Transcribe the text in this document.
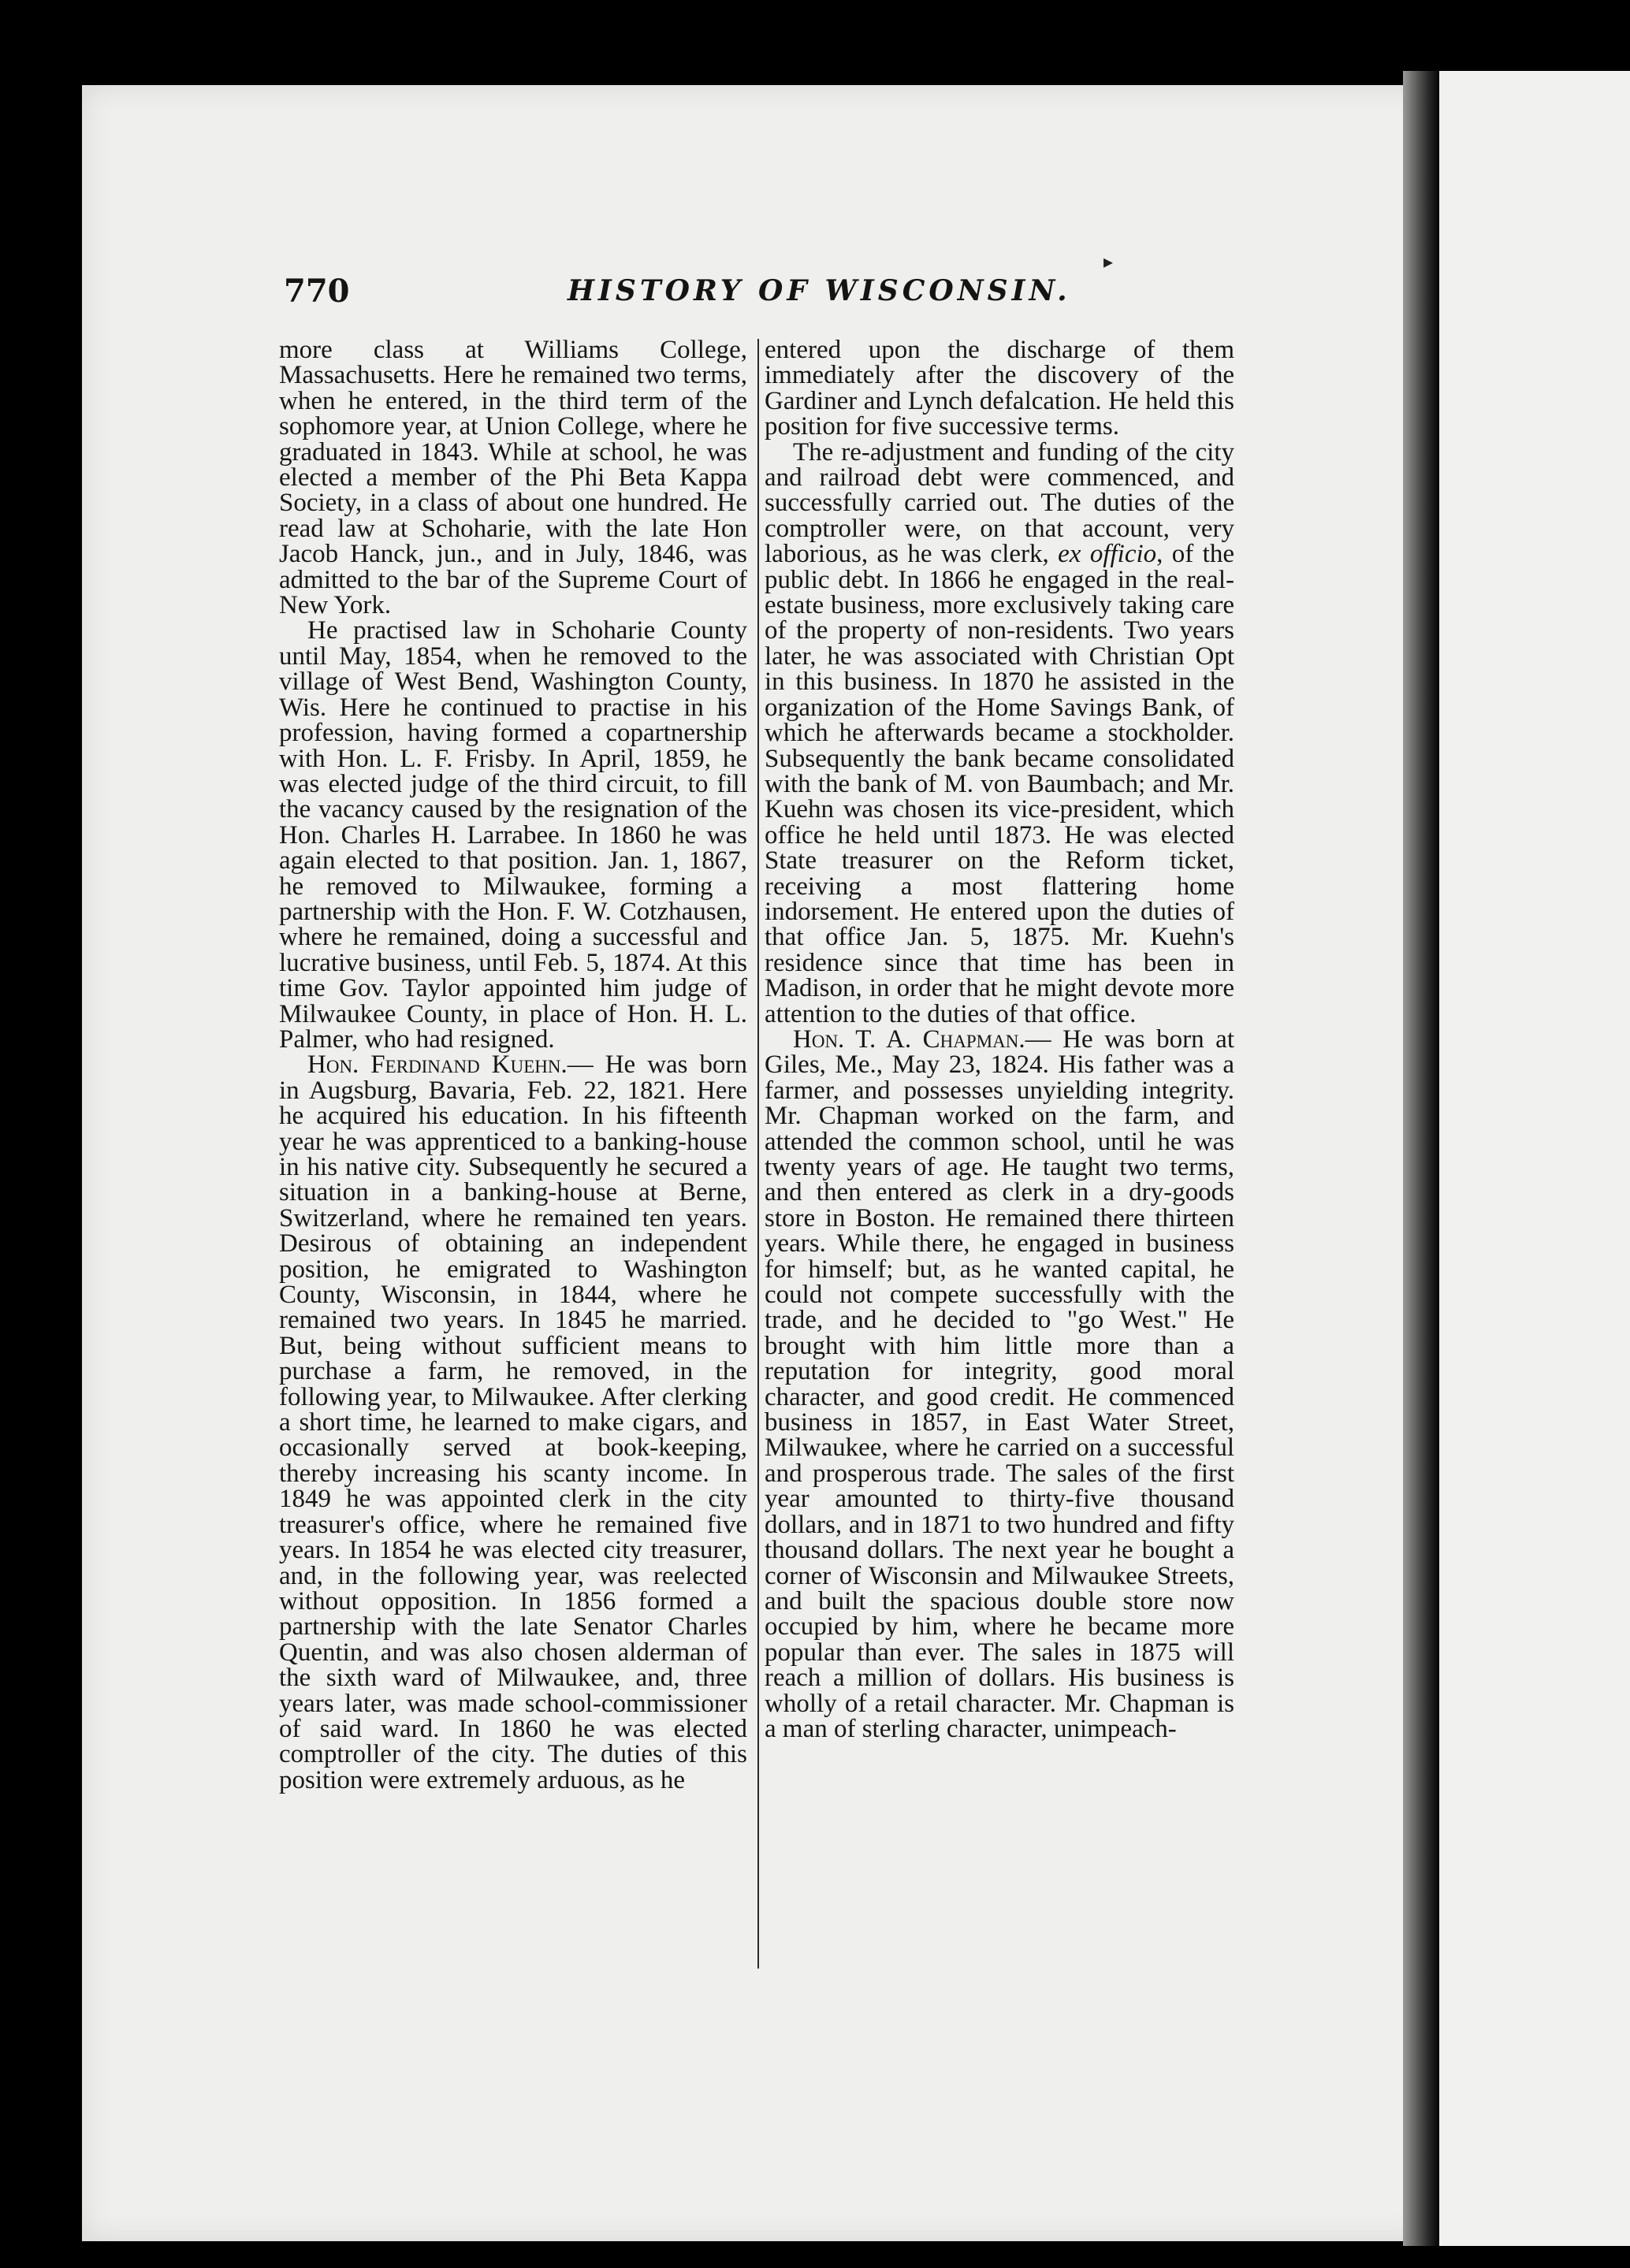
770	HISTORY OF WISCONSIN.
▸

more class at Williams College, Massachusetts. Here he remained two terms, when he entered, in the third term of the sophomore year, at Union College, where he graduated in 1843. While at school, he was elected a member of the Phi Beta Kappa Society, in a class of about one hundred. He read law at Schoharie, with the late Hon Jacob Hanck, jun., and in July, 1846, was admitted to the bar of the Supreme Court of New York.

He practised law in Schoharie County until May, 1854, when he removed to the village of West Bend, Washington County, Wis. Here he continued to practise in his profession, having formed a copartnership with Hon. L. F. Frisby. In April, 1859, he was elected judge of the third circuit, to fill the vacancy caused by the resignation of the Hon. Charles H. Larrabee. In 1860 he was again elected to that position. Jan. 1, 1867, he removed to Milwaukee, forming a partnership with the Hon. F. W. Cotzhausen, where he remained, doing a successful and lucrative business, until Feb. 5, 1874. At this time Gov. Taylor appointed him judge of Milwaukee County, in place of Hon. H. L. Palmer, who had resigned.

Hon. Ferdinand Kuehn.— He was born in Augsburg, Bavaria, Feb. 22, 1821. Here he acquired his education. In his fifteenth year he was apprenticed to a banking-house in his native city. Subsequently he secured a situation in a banking-house at Berne, Switzerland, where he remained ten years. Desirous of obtaining an independent position, he emigrated to Washington County, Wisconsin, in 1844, where he remained two years. In 1845 he married. But, being without sufficient means to purchase a farm, he removed, in the following year, to Milwaukee. After clerking a short time, he learned to make cigars, and occasionally served at book-keeping, thereby increasing his scanty income. In 1849 he was appointed clerk in the city treasurer's office, where he remained five years. In 1854 he was elected city treasurer, and, in the following year, was reelected without opposition. In 1856 formed a partnership with the late Senator Charles Quentin, and was also chosen alderman of the sixth ward of Milwaukee, and, three years later, was made school-commissioner of said ward. In 1860 he was elected comptroller of the city. The duties of this position were extremely arduous, as he

entered upon the discharge of them immediately after the discovery of the Gardiner and Lynch defalcation. He held this position for five successive terms.

The re-adjustment and funding of the city and railroad debt were commenced, and successfully carried out. The duties of the comptroller were, on that account, very laborious, as he was clerk, ex officio, of the public debt. In 1866 he engaged in the real-estate business, more exclusively taking care of the property of non-residents. Two years later, he was associated with Christian Opt in this business. In 1870 he assisted in the organization of the Home Savings Bank, of which he afterwards became a stockholder. Subsequently the bank became consolidated with the bank of M. von Baumbach; and Mr. Kuehn was chosen its vice-president, which office he held until 1873. He was elected State treasurer on the Reform ticket, receiving a most flattering home indorsement. He entered upon the duties of that office Jan. 5, 1875. Mr. Kuehn's residence since that time has been in Madison, in order that he might devote more attention to the duties of that office.

Hon. T. A. Chapman.— He was born at Giles, Me., May 23, 1824. His father was a farmer, and possesses unyielding integrity. Mr. Chapman worked on the farm, and attended the common school, until he was twenty years of age. He taught two terms, and then entered as clerk in a dry-goods store in Boston. He remained there thirteen years. While there, he engaged in business for himself; but, as he wanted capital, he could not compete successfully with the trade, and he decided to "go West." He brought with him little more than a reputation for integrity, good moral character, and good credit. He commenced business in 1857, in East Water Street, Milwaukee, where he carried on a successful and prosperous trade. The sales of the first year amounted to thirty-five thousand dollars, and in 1871 to two hundred and fifty thousand dollars. The next year he bought a corner of Wisconsin and Milwaukee Streets, and built the spacious double store now occupied by him, where he became more popular than ever. The sales in 1875 will reach a million of dollars. His business is wholly of a retail character. Mr. Chapman is a man of sterling character, unimpeach-
